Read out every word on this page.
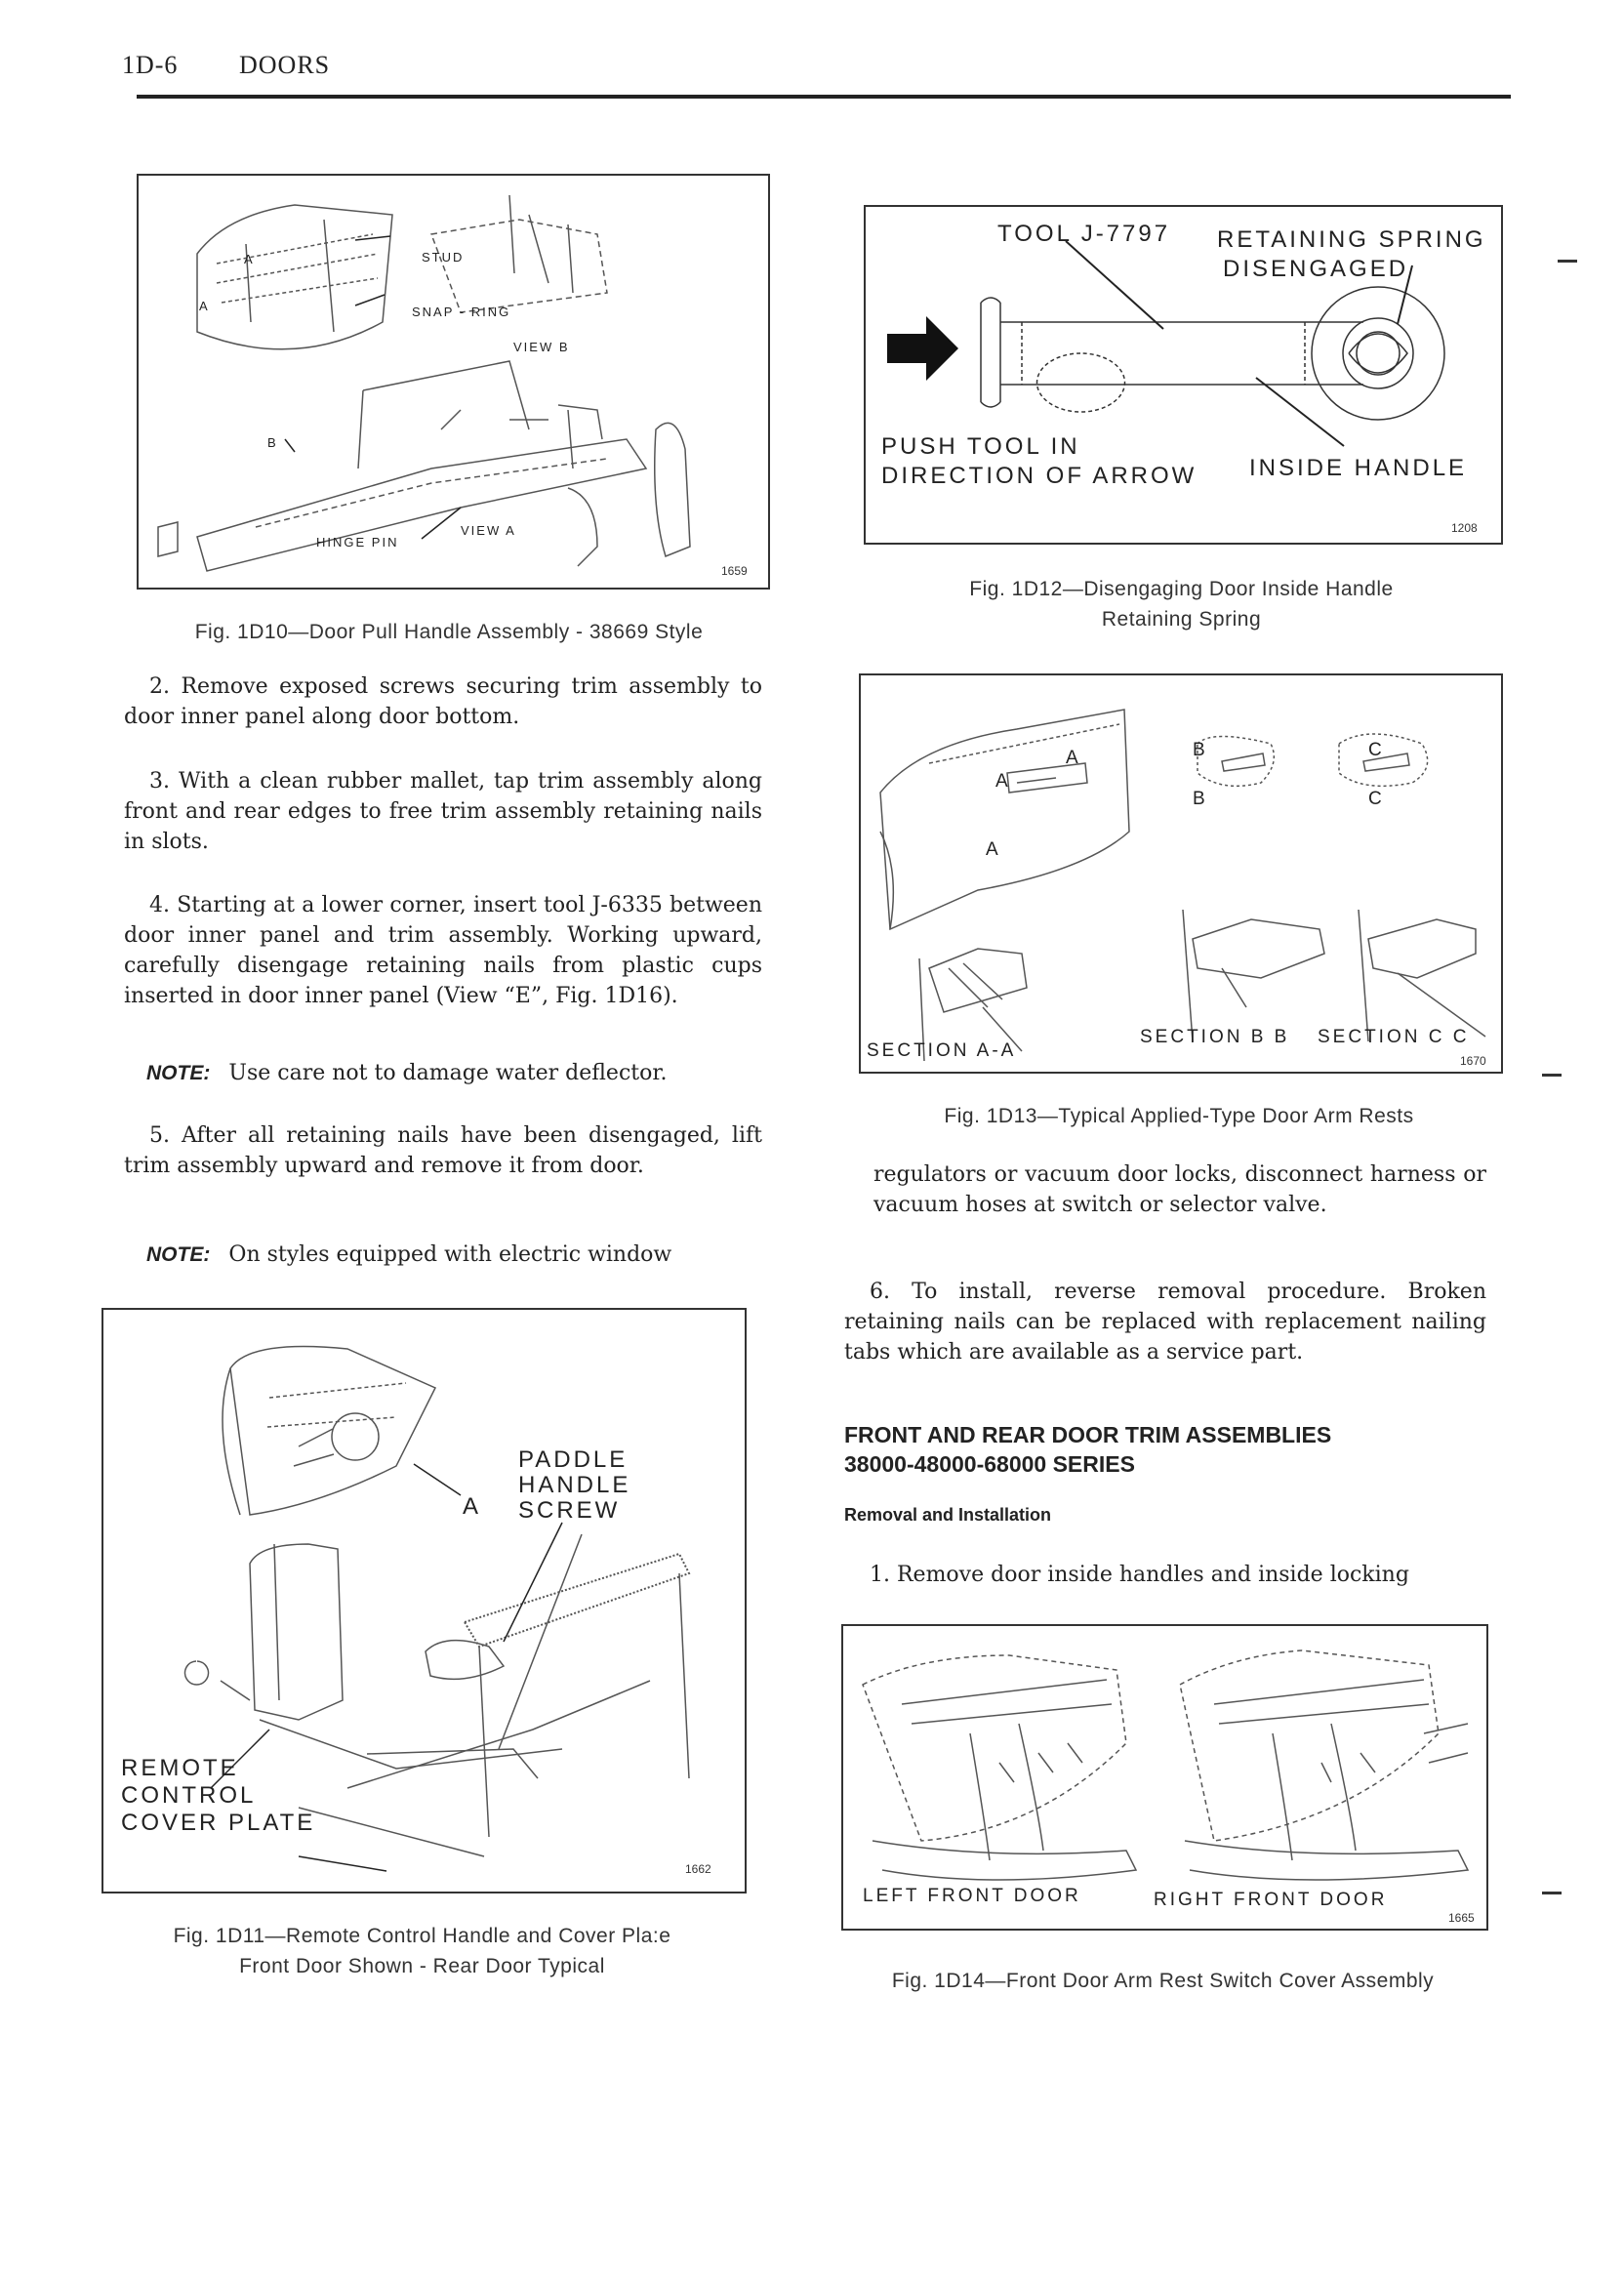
1D-6 DOORS
A
A
STUD
SNAP - RING
VIEW B
B
VIEW A
HINGE PIN
1659
Fig. 1D10—Door Pull Handle Assembly - 38669 Style
TOOL J-7797 RETAINING SPRING
DISENGAGED
PUSH TOOL IN
DIRECTION OF ARROW INSIDE HANDLE
1208
Fig. 1D12—Disengaging Door Inside Handle
Retaining Spring
2. Remove exposed screws securing trim assembly to door inner panel along door bottom.
3. With a clean rubber mallet, tap trim assembly along front and rear edges to free trim assembly retaining nails in slots.
4. Starting at a lower corner, insert tool J-6335 between door inner panel and trim assembly. Working upward, carefully disengage retaining nails from plastic cups inserted in door inner panel (View “E”, Fig. 1D16).
NOTE: Use care not to damage water deflector.
5. After all retaining nails have been disengaged, lift trim assembly upward and remove it from door.
NOTE: On styles equipped with electric window
A
A
A
B
B
C
C
SECTION A-A
SECTION B B SECTION C C
1670
Fig. 1D13—Typical Applied-Type Door Arm Rests
regulators or vacuum door locks, disconnect harness or vacuum hoses at switch or selector valve.
6. To install, reverse removal procedure. Broken retaining nails can be replaced with replacement nailing tabs which are available as a service part.
FRONT AND REAR DOOR TRIM ASSEMBLIES
38000-48000-68000 SERIES
Removal and Installation
1. Remove door inside handles and inside locking
PADDLE
HANDLE
A SCREW
REMOTE
CONTROL
COVER PLATE
1662
Fig. 1D11—Remote Control Handle and Cover Pla:e
Front Door Shown - Rear Door Typical
LEFT FRONT DOOR	RIGHT FRONT DOOR
1665
Fig. 1D14—Front Door Arm Rest Switch Cover Assembly
